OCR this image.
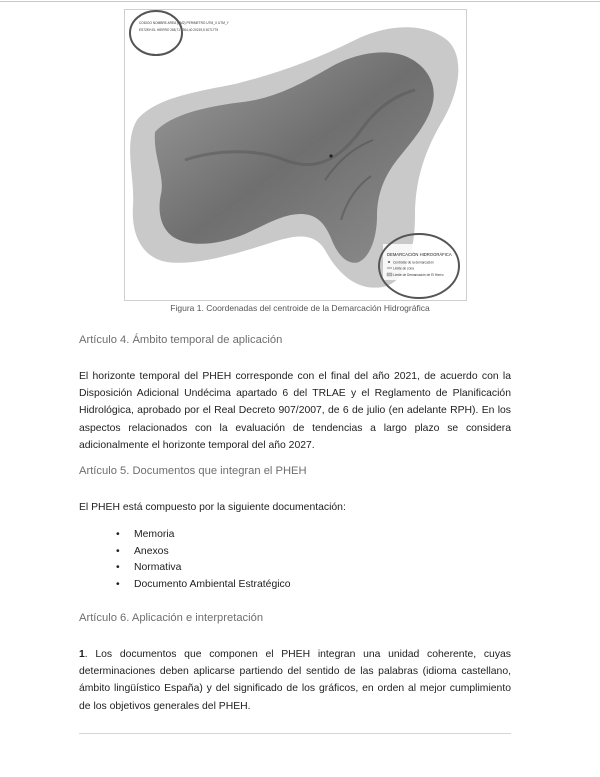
CODIGO NOMBRE AREA (KM2) PERIMETRO UTM_X UTM_Y
ES7ZEH EL HIERRO 268,71 1304,40 20219,5 3071775
DEMARCACIÓN HIDROGRÁFICA
Centroide de la demarcación
Límite de zona
Límite de Demarcación de El Hierro
Figura 1. Coordenadas del centroide de la Demarcación Hidrográfica
Artículo 4. Ámbito temporal de aplicación

El horizonte temporal del PHEH corresponde con el final del año 2021, de acuerdo con la Disposición Adicional Undécima apartado 6 del TRLAE y el Reglamento de Planificación Hidrológica, aprobado por el Real Decreto 907/2007, de 6 de julio (en adelante RPH). En los aspectos relacionados con la evaluación de tendencias a largo plazo se considera adicionalmente el horizonte temporal del año 2027.

Artículo 5. Documentos que integran el PHEH

El PHEH está compuesto por la siguiente documentación:

• Memoria
• Anexos
• Normativa
• Documento Ambiental Estratégico
Artículo 6. Aplicación e interpretación

1. Los documentos que componen el PHEH integran una unidad coherente, cuyas determinaciones deben aplicarse partiendo del sentido de las palabras (idioma castellano, ámbito lingüístico España) y del significado de los gráficos, en orden al mejor cumplimiento de los objetivos generales del PHEH.
